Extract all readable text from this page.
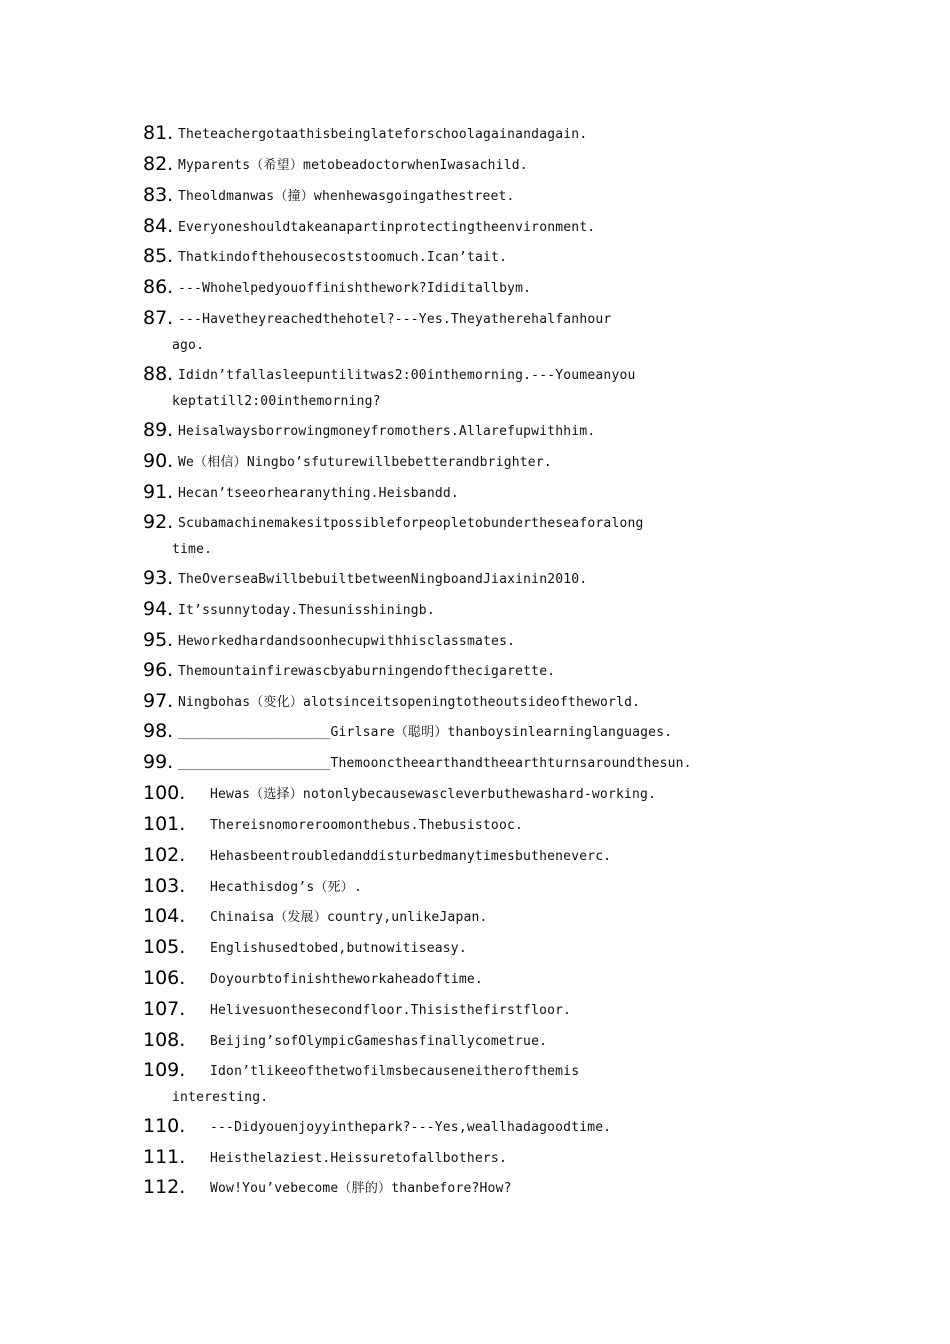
81. Theteachergotaathisbeinglateforschoolagainandagain.
82. Myparents（希望）metobeadoctorwhenIwasachild.
83. Theoldmanwas（撞）whenhewasgoingathestreet.
84. Everyoneshouldtakeanapartinprotectingtheenvironment.
85. Thatkindofthehousecoststoomuch.Ican’tait.
86. ---Whohelpedyouoffinishthework?Ididitallbym.
87. ---Havetheyreachedthehotel?---Yes.Theyatherehalfanhour
ago.
88. Ididn’tfallasleepuntilitwas2:00inthemorning.---Youmeanyou
keptatill2:00inthemorning?
89. Heisalwaysborrowingmoneyfromothers.Allarefupwithhim.
90. We（相信）Ningbo’sfuturewillbebetterandbrighter.
91. Hecan’tseeorhearanything.Heisbandd.
92. Scubamachinemakesitpossibleforpeopletobundertheseaforalong
time.
93. TheOverseaBwillbebuiltbetweenNingboandJiaxinin2010.
94. It’ssunnytoday.Thesunisshiningb.
95. Heworkedhardandsoonhecupwithhisclassmates.
96. Themountainfirewascbyaburningendofthecigarette.
97. Ningbohas（变化）alotsinceitsopeningtotheoutsideoftheworld.
98. ___________________Girlsare（聪明）thanboysinlearninglanguages.
99. ___________________Themoonctheearthandtheearthturnsaroundthesun.
100. Hewas（选择）notonlybecausewascleverbuthewashard-working.
101. Thereisnomoreroomonthebus.Thebusistooc.
102. Hehasbeentroubledanddisturbedmanytimesbutheneverc.
103. Hecathisdog’s（死）.
104. Chinaisa（发展）country,unlikeJapan.
105. Englishusedtobed,butnowitiseasy.
106. Doyourbtofinishtheworkaheadoftime.
107. Helivesuonthesecondfloor.Thisisthefirstfloor.
108. Beijing’sofOlympicGameshasfinallycometrue.
109. Idon’tlikeeofthetwofilmsbecauseneitherofthemis
interesting.
110. ---Didyouenjoyyinthepark?---Yes,weallhadagoodtime.
111. Heisthelaziest.Heissuretofallbothers.
112. Wow!You’vebecome（胖的）thanbefore?How?
